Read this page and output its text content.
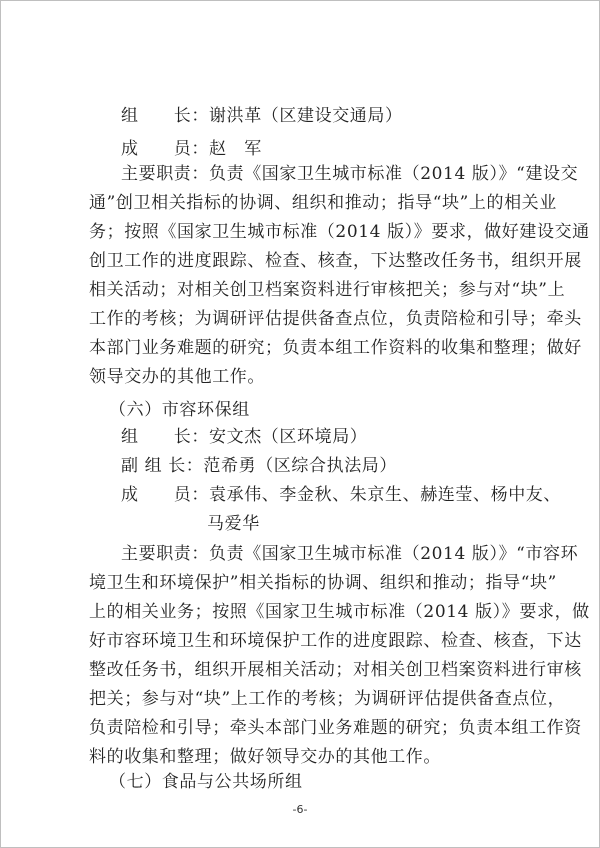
组　　长：谢洪革（区建设交通局）
成　　员：赵　军
主要职责：负责《国家卫生城市标准（2014 版）》“建设交
通”创卫相关指标的协调、组织和推动；指导“块”上的相关业
务；按照《国家卫生城市标准（2014 版）》要求，做好建设交通
创卫工作的进度跟踪、检查、核查，下达整改任务书，组织开展
相关活动；对相关创卫档案资料进行审核把关；参与对“块”上
工作的考核；为调研评估提供备查点位，负责陪检和引导；牵头
本部门业务难题的研究；负责本组工作资料的收集和整理；做好
领导交办的其他工作。
（六）市容环保组
组　　长：安文杰（区环境局）
副 组 长：范希勇（区综合执法局）
成　　员：袁承伟、李金秋、朱京生、赫连莹、杨中友、
马爱华
主要职责：负责《国家卫生城市标准（2014 版）》“市容环
境卫生和环境保护”相关指标的协调、组织和推动；指导“块”
上的相关业务；按照《国家卫生城市标准（2014 版）》要求，做
好市容环境卫生和环境保护工作的进度跟踪、检查、核查，下达
整改任务书，组织开展相关活动；对相关创卫档案资料进行审核
把关；参与对“块”上工作的考核；为调研评估提供备查点位，
负责陪检和引导；牵头本部门业务难题的研究；负责本组工作资
料的收集和整理；做好领导交办的其他工作。
（七）食品与公共场所组
-6-
